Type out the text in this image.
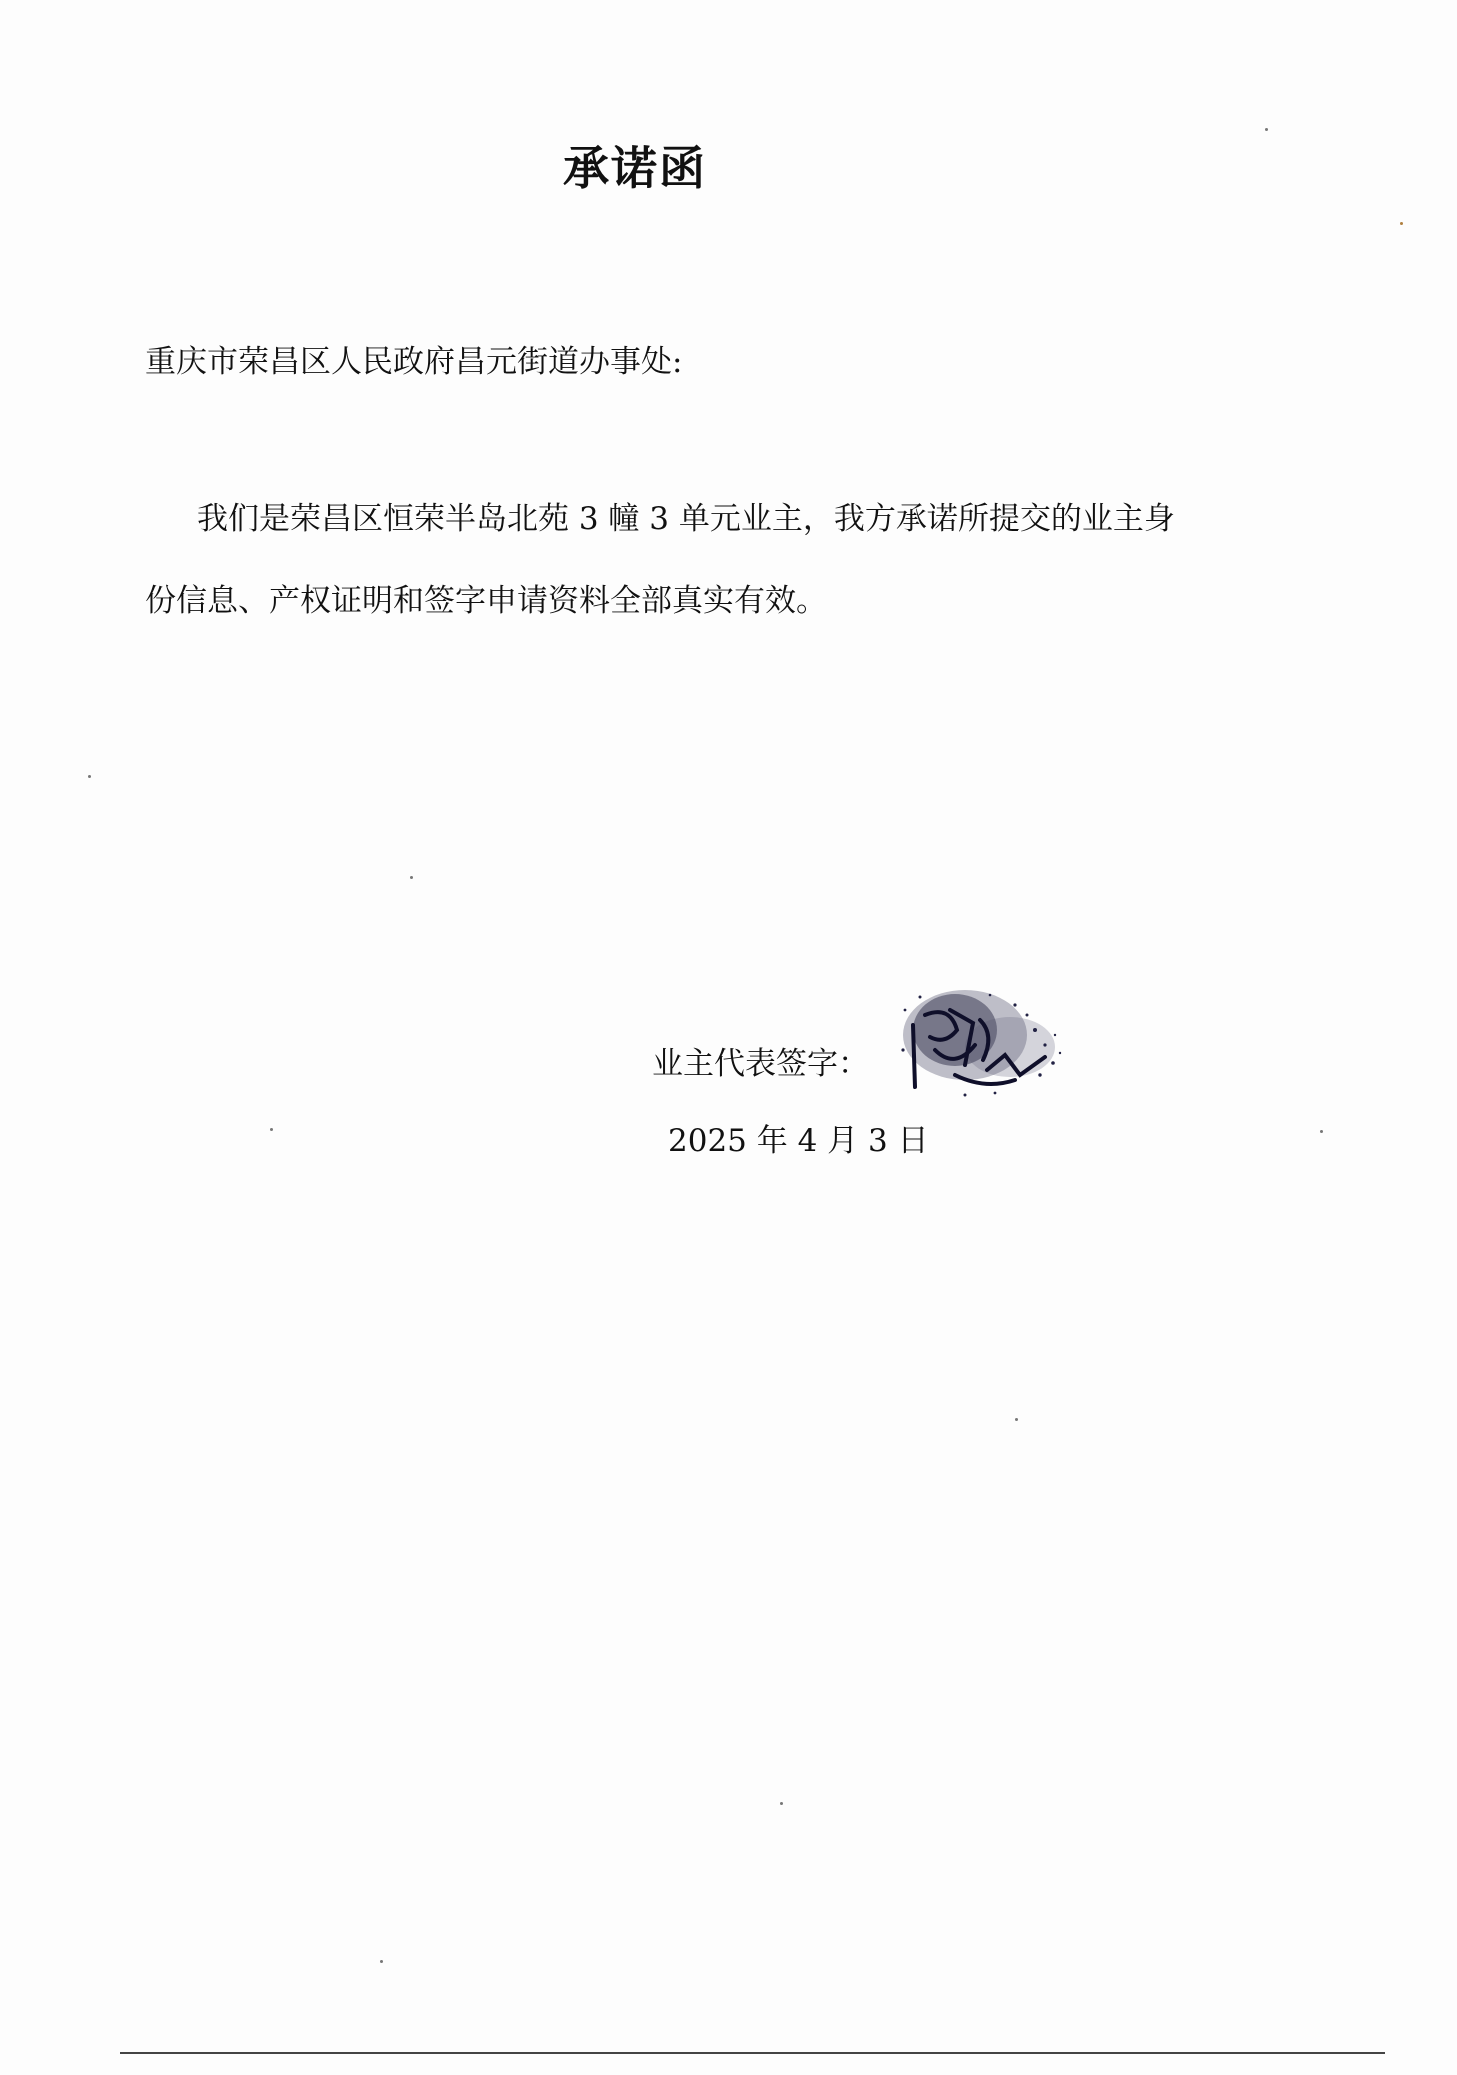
承诺函
重庆市荣昌区人民政府昌元街道办事处:
我们是荣昌区恒荣半岛北苑 3 幢 3 单元业主，我方承诺所提交的业主身份信息、产权证明和签字申请资料全部真实有效。
业主代表签字：
2025 年 4 月 3 日
